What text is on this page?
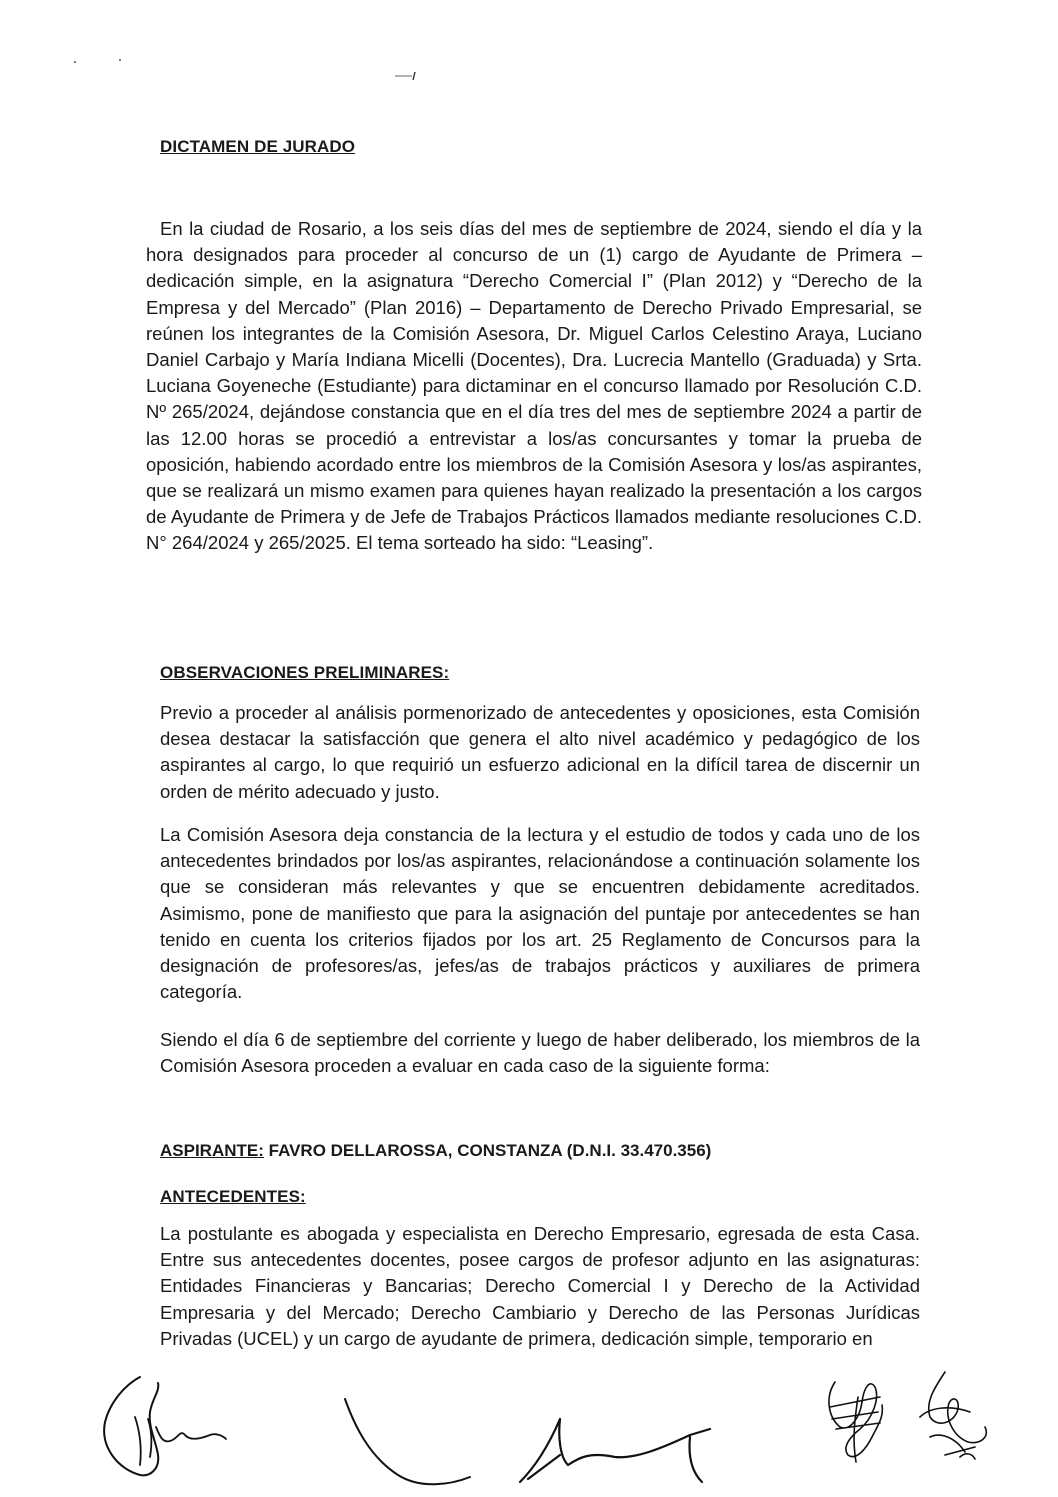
DICTAMEN DE JURADO
En la ciudad de Rosario, a los seis días del mes de septiembre de 2024, siendo el día y la hora designados para proceder al concurso de un (1) cargo de Ayudante de Primera – dedicación simple, en la asignatura “Derecho Comercial I” (Plan 2012) y “Derecho de la Empresa y del Mercado” (Plan 2016) – Departamento de Derecho Privado Empresarial, se reúnen los integrantes de la Comisión Asesora, Dr. Miguel Carlos Celestino Araya, Luciano Daniel Carbajo y María Indiana Micelli (Docentes), Dra. Lucrecia Mantello (Graduada) y Srta. Luciana Goyeneche (Estudiante) para dictaminar en el concurso llamado por Resolución C.D. Nº 265/2024, dejándose constancia que en el día tres del mes de septiembre 2024 a partir de las 12.00 horas se procedió a entrevistar a los/as concursantes y tomar la prueba de oposición, habiendo acordado entre los miembros de la Comisión Asesora y los/as aspirantes, que se realizará un mismo examen para quienes hayan realizado la presentación a los cargos de Ayudante de Primera y de Jefe de Trabajos Prácticos llamados mediante resoluciones C.D. N° 264/2024 y 265/2025. El tema sorteado ha sido: “Leasing”.
OBSERVACIONES PRELIMINARES:
Previo a proceder al análisis pormenorizado de antecedentes y oposiciones, esta Comisión desea destacar la satisfacción que genera el alto nivel académico y pedagógico de los aspirantes al cargo, lo que requirió un esfuerzo adicional en la difícil tarea de discernir un orden de mérito adecuado y justo.
La Comisión Asesora deja constancia de la lectura y el estudio de todos y cada uno de los antecedentes brindados por los/as aspirantes, relacionándose a continuación solamente los que se consideran más relevantes y que se encuentren debidamente acreditados. Asimismo, pone de manifiesto que para la asignación del puntaje por antecedentes se han tenido en cuenta los criterios fijados por los art. 25 Reglamento de Concursos para la designación de profesores/as, jefes/as de trabajos prácticos y auxiliares de primera categoría.
Siendo el día 6 de septiembre del corriente y luego de haber deliberado, los miembros de la Comisión Asesora proceden a evaluar en cada caso de la siguiente forma:
ASPIRANTE: FAVRO DELLAROSSA, CONSTANZA (D.N.I. 33.470.356)
ANTECEDENTES:
La postulante es abogada y especialista en Derecho Empresario, egresada de esta Casa. Entre sus antecedentes docentes, posee cargos de profesor adjunto en las asignaturas: Entidades Financieras y Bancarias; Derecho Comercial I y Derecho de la Actividad Empresaria y del Mercado; Derecho Cambiario y Derecho de las Personas Jurídicas Privadas (UCEL) y un cargo de ayudante de primera, dedicación simple, temporario en
